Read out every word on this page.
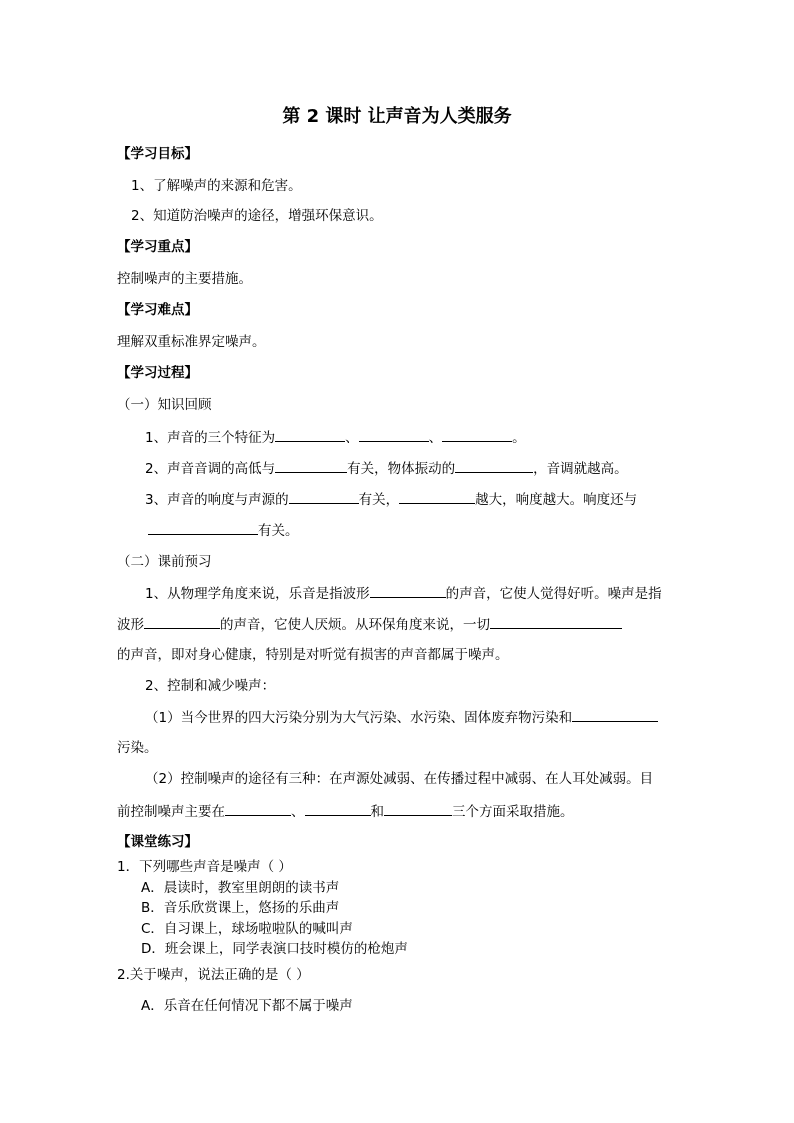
第 2 课时 让声音为人类服务
【学习目标】
1、了解噪声的来源和危害。
2、知道防治噪声的途径，增强环保意识。
【学习重点】
控制噪声的主要措施。
【学习难点】
理解双重标准界定噪声。
【学习过程】
（一）知识回顾
1、声音的三个特征为	、	、	。
2、声音音调的高低与	有关，物体振动的	，音调就越高。
3、声音的响度与声源的	有关，	越大，响度越大。响度还与
有关。
（二）课前预习
1、从物理学角度来说，乐音是指波形	的声音，它使人觉得好听。噪声是指
波形	的声音，它使人厌烦。从环保角度来说，一切
的声音，即对身心健康，特别是对听觉有损害的声音都属于噪声。
2、控制和减少噪声：
（1）当今世界的四大污染分别为大气污染、水污染、固体废弃物污染和
污染。
（2）控制噪声的途径有三种：在声源处减弱、在传播过程中减弱、在人耳处减弱。目
前控制噪声主要在	、	和	三个方面采取措施。
【课堂练习】
1．下列哪些声音是噪声（ ）
A．晨读时，教室里朗朗的读书声
B．音乐欣赏课上，悠扬的乐曲声
C．自习课上，球场啦啦队的喊叫声
D．班会课上，同学表演口技时模仿的枪炮声
2.关于噪声，说法正确的是（ ）
A．乐音在任何情况下都不属于噪声
